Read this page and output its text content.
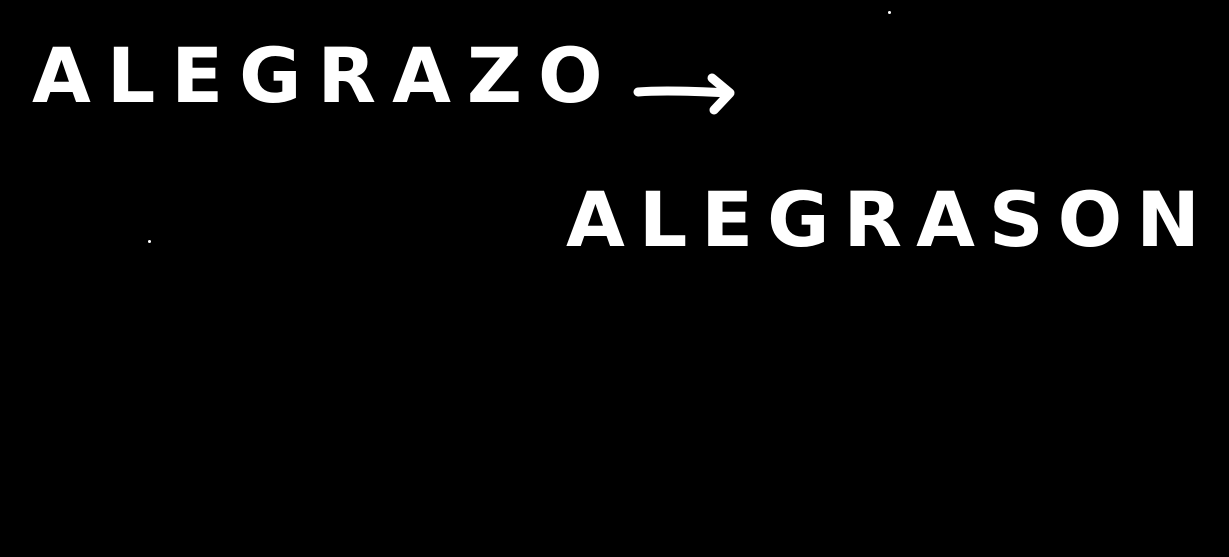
ALEGRAZO
ALEGRASON
